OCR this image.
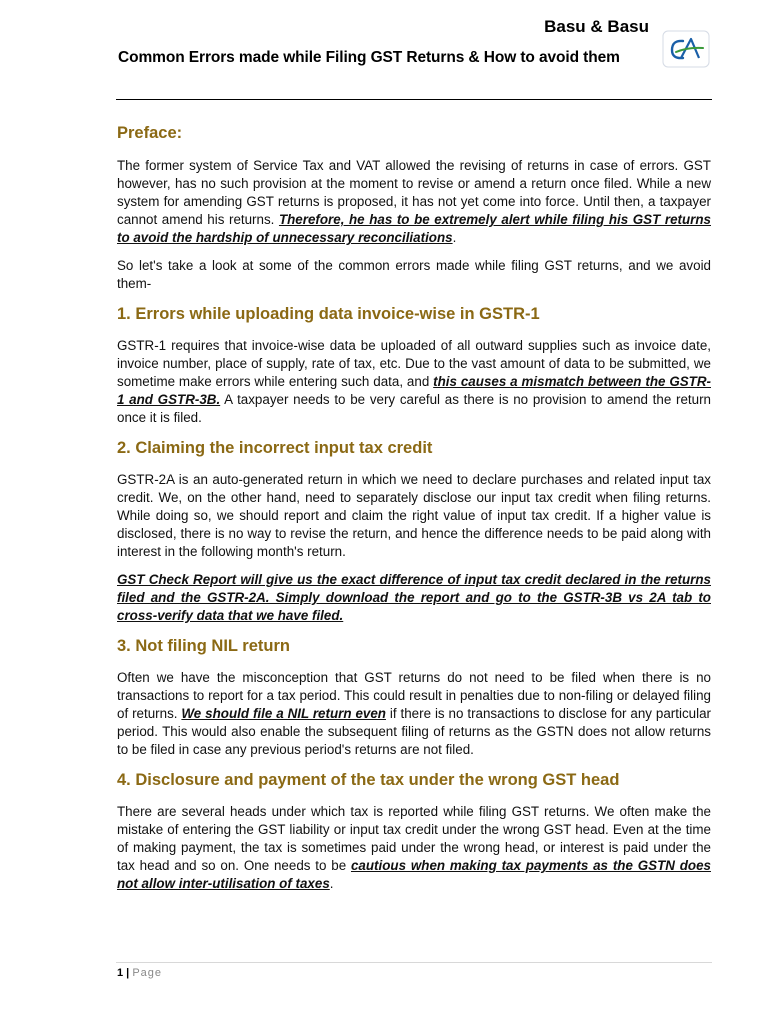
Basu & Basu
Common Errors made while Filing GST Returns & How to avoid them
Preface:

The former system of Service Tax and VAT allowed the revising of returns in case of errors. GST however, has no such provision at the moment to revise or amend a return once filed. While a new system for amending GST returns is proposed, it has not yet come into force. Until then, a taxpayer cannot amend his returns. Therefore, he has to be extremely alert while filing his GST returns to avoid the hardship of unnecessary reconciliations.

So let's take a look at some of the common errors made while filing GST returns, and we avoid them-

1. Errors while uploading data invoice-wise in GSTR-1

GSTR-1 requires that invoice-wise data be uploaded of all outward supplies such as invoice date, invoice number, place of supply, rate of tax, etc. Due to the vast amount of data to be submitted, we sometime make errors while entering such data, and this causes a mismatch between the GSTR-1 and GSTR-3B. A taxpayer needs to be very careful as there is no provision to amend the return once it is filed.

2. Claiming the incorrect input tax credit

GSTR-2A is an auto-generated return in which we need to declare purchases and related input tax credit. We, on the other hand, need to separately disclose our input tax credit when filing returns. While doing so, we should report and claim the right value of input tax credit. If a higher value is disclosed, there is no way to revise the return, and hence the difference needs to be paid along with interest in the following month's return.

GST Check Report will give us the exact difference of input tax credit declared in the returns filed and the GSTR-2A. Simply download the report and go to the GSTR-3B vs 2A tab to cross-verify data that we have filed.

3. Not filing NIL return

Often we have the misconception that GST returns do not need to be filed when there is no transactions to report for a tax period. This could result in penalties due to non-filing or delayed filing of returns. We should file a NIL return even if there is no transactions to disclose for any particular period. This would also enable the subsequent filing of returns as the GSTN does not allow returns to be filed in case any previous period's returns are not filed.

4. Disclosure and payment of the tax under the wrong GST head

There are several heads under which tax is reported while filing GST returns. We often make the mistake of entering the GST liability or input tax credit under the wrong GST head. Even at the time of making payment, the tax is sometimes paid under the wrong head, or interest is paid under the tax head and so on. One needs to be cautious when making tax payments as the GSTN does not allow inter-utilisation of taxes.

1 | Page
